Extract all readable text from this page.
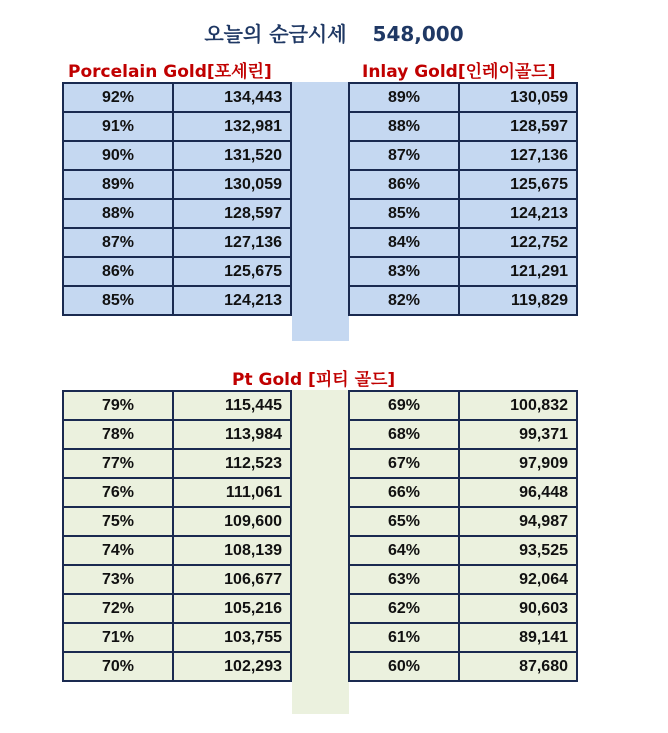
오늘의 순금시세 548,000
Porcelain Gold[포세린]	Inlay Gold[인레이골드]
92%	134,443
91%	132,981
90%	131,520
89%	130,059
88%	128,597
87%	127,136
86%	125,675
85%	124,213
89%	130,059
88%	128,597
87%	127,136
86%	125,675
85%	124,213
84%	122,752
83%	121,291
82%	119,829
Pt Gold [피티 골드]
79%	115,445
78%	113,984
77%	112,523
76%	111,061
75%	109,600
74%	108,139
73%	106,677
72%	105,216
71%	103,755
70%	102,293
69%	100,832
68%	99,371
67%	97,909
66%	96,448
65%	94,987
64%	93,525
63%	92,064
62%	90,603
61%	89,141
60%	87,680
